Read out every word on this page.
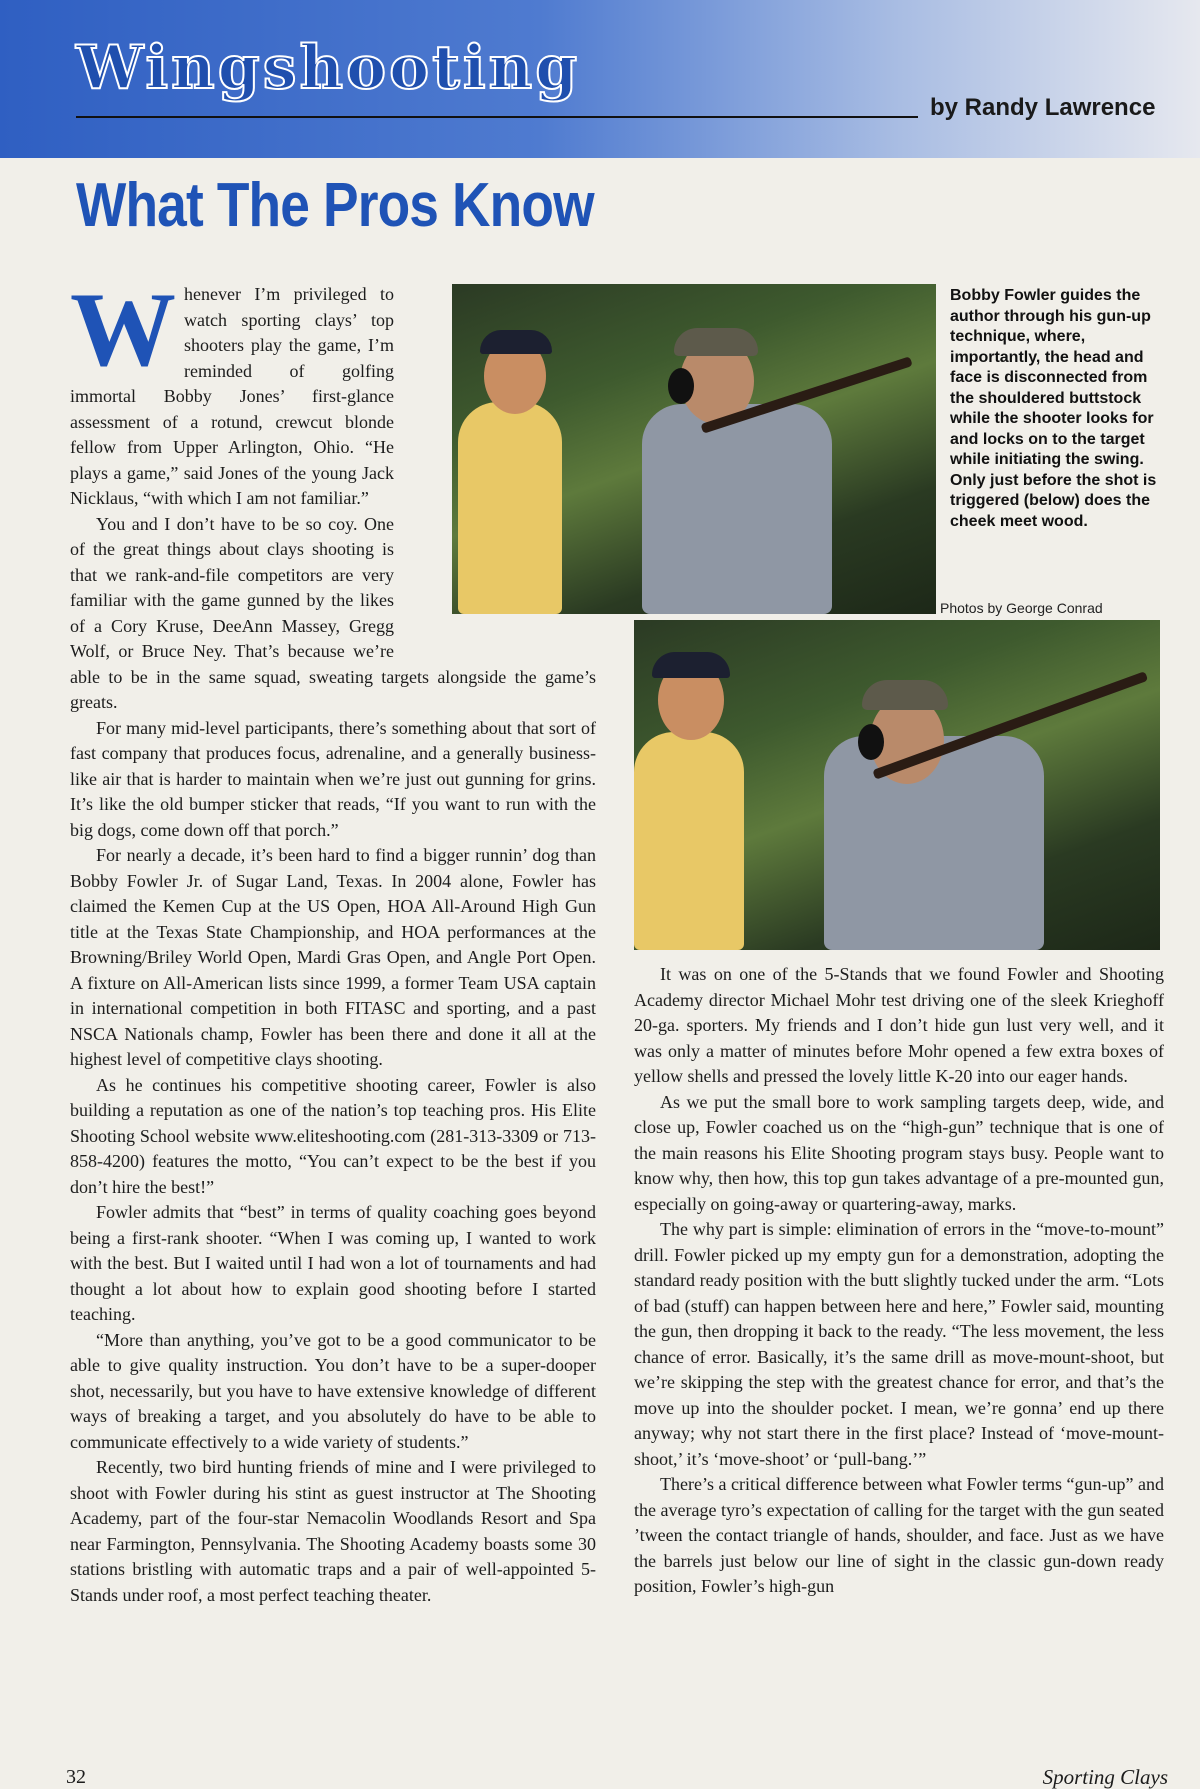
Wingshooting
by Randy Lawrence
What The Pros Know
Bobby Fowler guides the author through his gun-up technique, where, importantly, the head and face is disconnected from the shouldered buttstock while the shooter looks for and locks on to the target while initiating the swing. Only just before the shot is triggered (below) does the cheek meet wood.
Photos by George Conrad

Whenever I’m privileged to watch sporting clays’ top shooters play the game, I’m reminded of golfing immortal Bobby Jones’ first-glance assessment of a rotund, crewcut blonde fellow from Upper Arlington, Ohio. “He plays a game,” said Jones of the young Jack Nicklaus, “with which I am not familiar.”

You and I don’t have to be so coy. One of the great things about clays shooting is that we rank-and-file competitors are very familiar with the game gunned by the likes of a Cory Kruse, DeeAnn Massey, Gregg Wolf, or Bruce Ney. That’s because we’re able to be in the same squad, sweating targets alongside the game’s greats.

For many mid-level participants, there’s something about that sort of fast company that produces focus, adrenaline, and a generally business-like air that is harder to maintain when we’re just out gunning for grins. It’s like the old bumper sticker that reads, “If you want to run with the big dogs, come down off that porch.”

For nearly a decade, it’s been hard to find a bigger runnin’ dog than Bobby Fowler Jr. of Sugar Land, Texas. In 2004 alone, Fowler has claimed the Kemen Cup at the US Open, HOA All-Around High Gun title at the Texas State Championship, and HOA performances at the Browning/Briley World Open, Mardi Gras Open, and Angle Port Open. A fixture on All-American lists since 1999, a former Team USA captain in international competition in both FITASC and sporting, and a past NSCA Nationals champ, Fowler has been there and done it all at the highest level of competitive clays shooting.

As he continues his competitive shooting career, Fowler is also building a reputation as one of the nation’s top teaching pros. His Elite Shooting School website www.eliteshooting.com (281-313-3309 or 713-858-4200) features the motto, “You can’t expect to be the best if you don’t hire the best!”

Fowler admits that “best” in terms of quality coaching goes beyond being a first-rank shooter. “When I was coming up, I wanted to work with the best. But I waited until I had won a lot of tournaments and had thought a lot about how to explain good shooting before I started teaching.

“More than anything, you’ve got to be a good communicator to be able to give quality instruction. You don’t have to be a super-dooper shot, necessarily, but you have to have extensive knowledge of different ways of breaking a target, and you absolutely do have to be able to communicate effectively to a wide variety of students.”

Recently, two bird hunting friends of mine and I were privileged to shoot with Fowler during his stint as guest instructor at The Shooting Academy, part of the four-star Nemacolin Woodlands Resort and Spa near Farmington, Pennsylvania. The Shooting Academy boasts some 30 stations bristling with automatic traps and a pair of well-appointed 5-Stands under roof, a most perfect teaching theater.

It was on one of the 5-Stands that we found Fowler and Shooting Academy director Michael Mohr test driving one of the sleek Krieghoff 20-ga. sporters. My friends and I don’t hide gun lust very well, and it was only a matter of minutes before Mohr opened a few extra boxes of yellow shells and pressed the lovely little K-20 into our eager hands.

As we put the small bore to work sampling targets deep, wide, and close up, Fowler coached us on the “high-gun” technique that is one of the main reasons his Elite Shooting program stays busy. People want to know why, then how, this top gun takes advantage of a pre-mounted gun, especially on going-away or quartering-away, marks.

The why part is simple: elimination of errors in the “move-to-mount” drill. Fowler picked up my empty gun for a demonstration, adopting the standard ready position with the butt slightly tucked under the arm. “Lots of bad (stuff) can happen between here and here,” Fowler said, mounting the gun, then dropping it back to the ready. “The less movement, the less chance of error. Basically, it’s the same drill as move-mount-shoot, but we’re skipping the step with the greatest chance for error, and that’s the move up into the shoulder pocket. I mean, we’re gonna’ end up there anyway; why not start there in the first place? Instead of ‘move-mount-shoot,’ it’s ‘move-shoot’ or ‘pull-bang.’”

There’s a critical difference between what Fowler terms “gun-up” and the average tyro’s expectation of calling for the target with the gun seated ’tween the contact triangle of hands, shoulder, and face. Just as we have the barrels just below our line of sight in the classic gun-down ready position, Fowler’s high-gun

32	Sporting Clays
